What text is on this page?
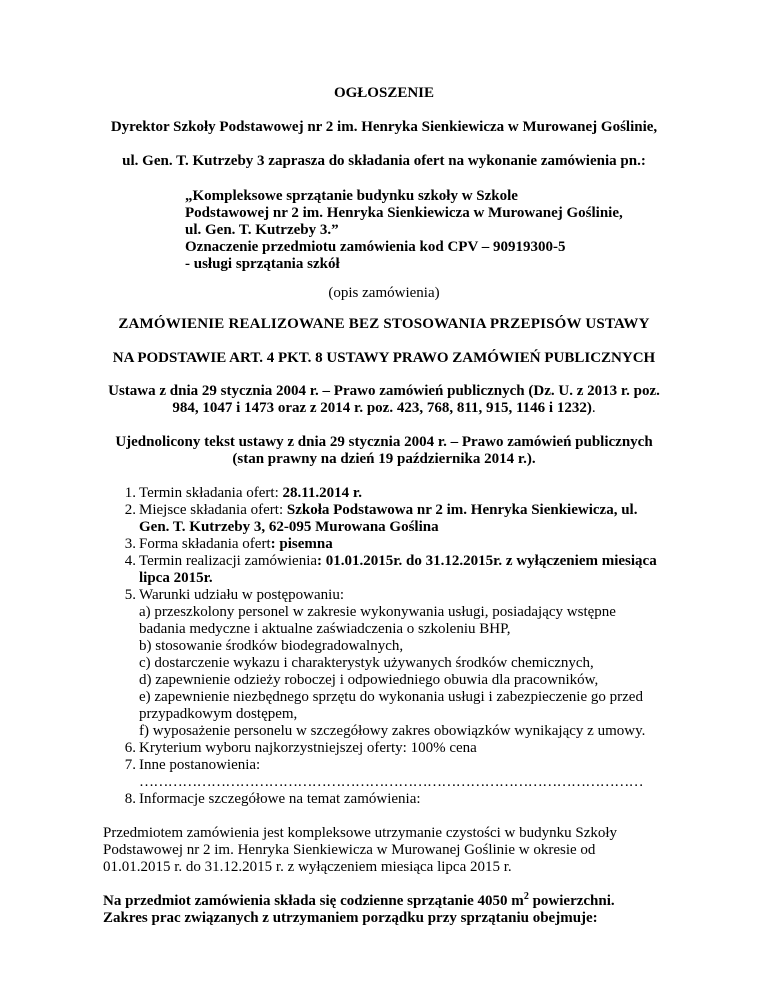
OGŁOSZENIE
Dyrektor Szkoły Podstawowej nr 2 im. Henryka Sienkiewicza w Murowanej Goślinie,
ul. Gen. T. Kutrzeby 3 zaprasza do składania ofert na wykonanie zamówienia pn.:
„Kompleksowe sprzątanie budynku szkoły w Szkole
Podstawowej nr 2 im. Henryka Sienkiewicza w Murowanej Goślinie,
ul. Gen. T. Kutrzeby 3.”
Oznaczenie przedmiotu zamówienia kod CPV – 90919300-5
- usługi sprzątania szkół
(opis zamówienia)
ZAMÓWIENIE REALIZOWANE BEZ STOSOWANIA PRZEPISÓW USTAWY
NA PODSTAWIE ART. 4 PKT. 8 USTAWY PRAWO ZAMÓWIEŃ PUBLICZNYCH
Ustawa z dnia 29 stycznia 2004 r. – Prawo zamówień publicznych (Dz. U. z 2013 r. poz.
984, 1047 i 1473 oraz z 2014 r. poz. 423, 768, 811, 915, 1146 i 1232).
Ujednolicony tekst ustawy z dnia 29 stycznia 2004 r. – Prawo zamówień publicznych
(stan prawny na dzień 19 października 2014 r.).
1. Termin składania ofert: 28.11.2014 r.
2. Miejsce składania ofert: Szkoła Podstawowa nr 2 im. Henryka Sienkiewicza, ul.
Gen. T. Kutrzeby 3, 62-095 Murowana Goślina
3. Forma składania ofert: pisemna
4. Termin realizacji zamówienia: 01.01.2015r. do 31.12.2015r. z wyłączeniem miesiąca
lipca 2015r.
5. Warunki udziału w postępowaniu:
a) przeszkolony personel w zakresie wykonywania usługi, posiadający wstępne
badania medyczne i aktualne zaświadczenia o szkoleniu BHP,
b) stosowanie środków biodegradowalnych,
c) dostarczenie wykazu i charakterystyk używanych środków chemicznych,
d) zapewnienie odzieży roboczej i odpowiedniego obuwia dla pracowników,
e) zapewnienie niezbędnego sprzętu do wykonania usługi i zabezpieczenie go przed
przypadkowym dostępem,
f) wyposażenie personelu w szczegółowy zakres obowiązków wynikający z umowy.
6. Kryterium wyboru najkorzystniejszej oferty: 100% cena
7. Inne postanowienia:
……………………………………………………………………………………………
8. Informacje szczegółowe na temat zamówienia:
Przedmiotem zamówienia jest kompleksowe utrzymanie czystości w budynku Szkoły
Podstawowej nr 2 im. Henryka Sienkiewicza w Murowanej Goślinie w okresie od
01.01.2015 r. do 31.12.2015 r. z wyłączeniem miesiąca lipca 2015 r.
Na przedmiot zamówienia składa się codzienne sprzątanie 4050 $m^2$ powierzchni.
Zakres prac związanych z utrzymaniem porządku przy sprzątaniu obejmuje:
